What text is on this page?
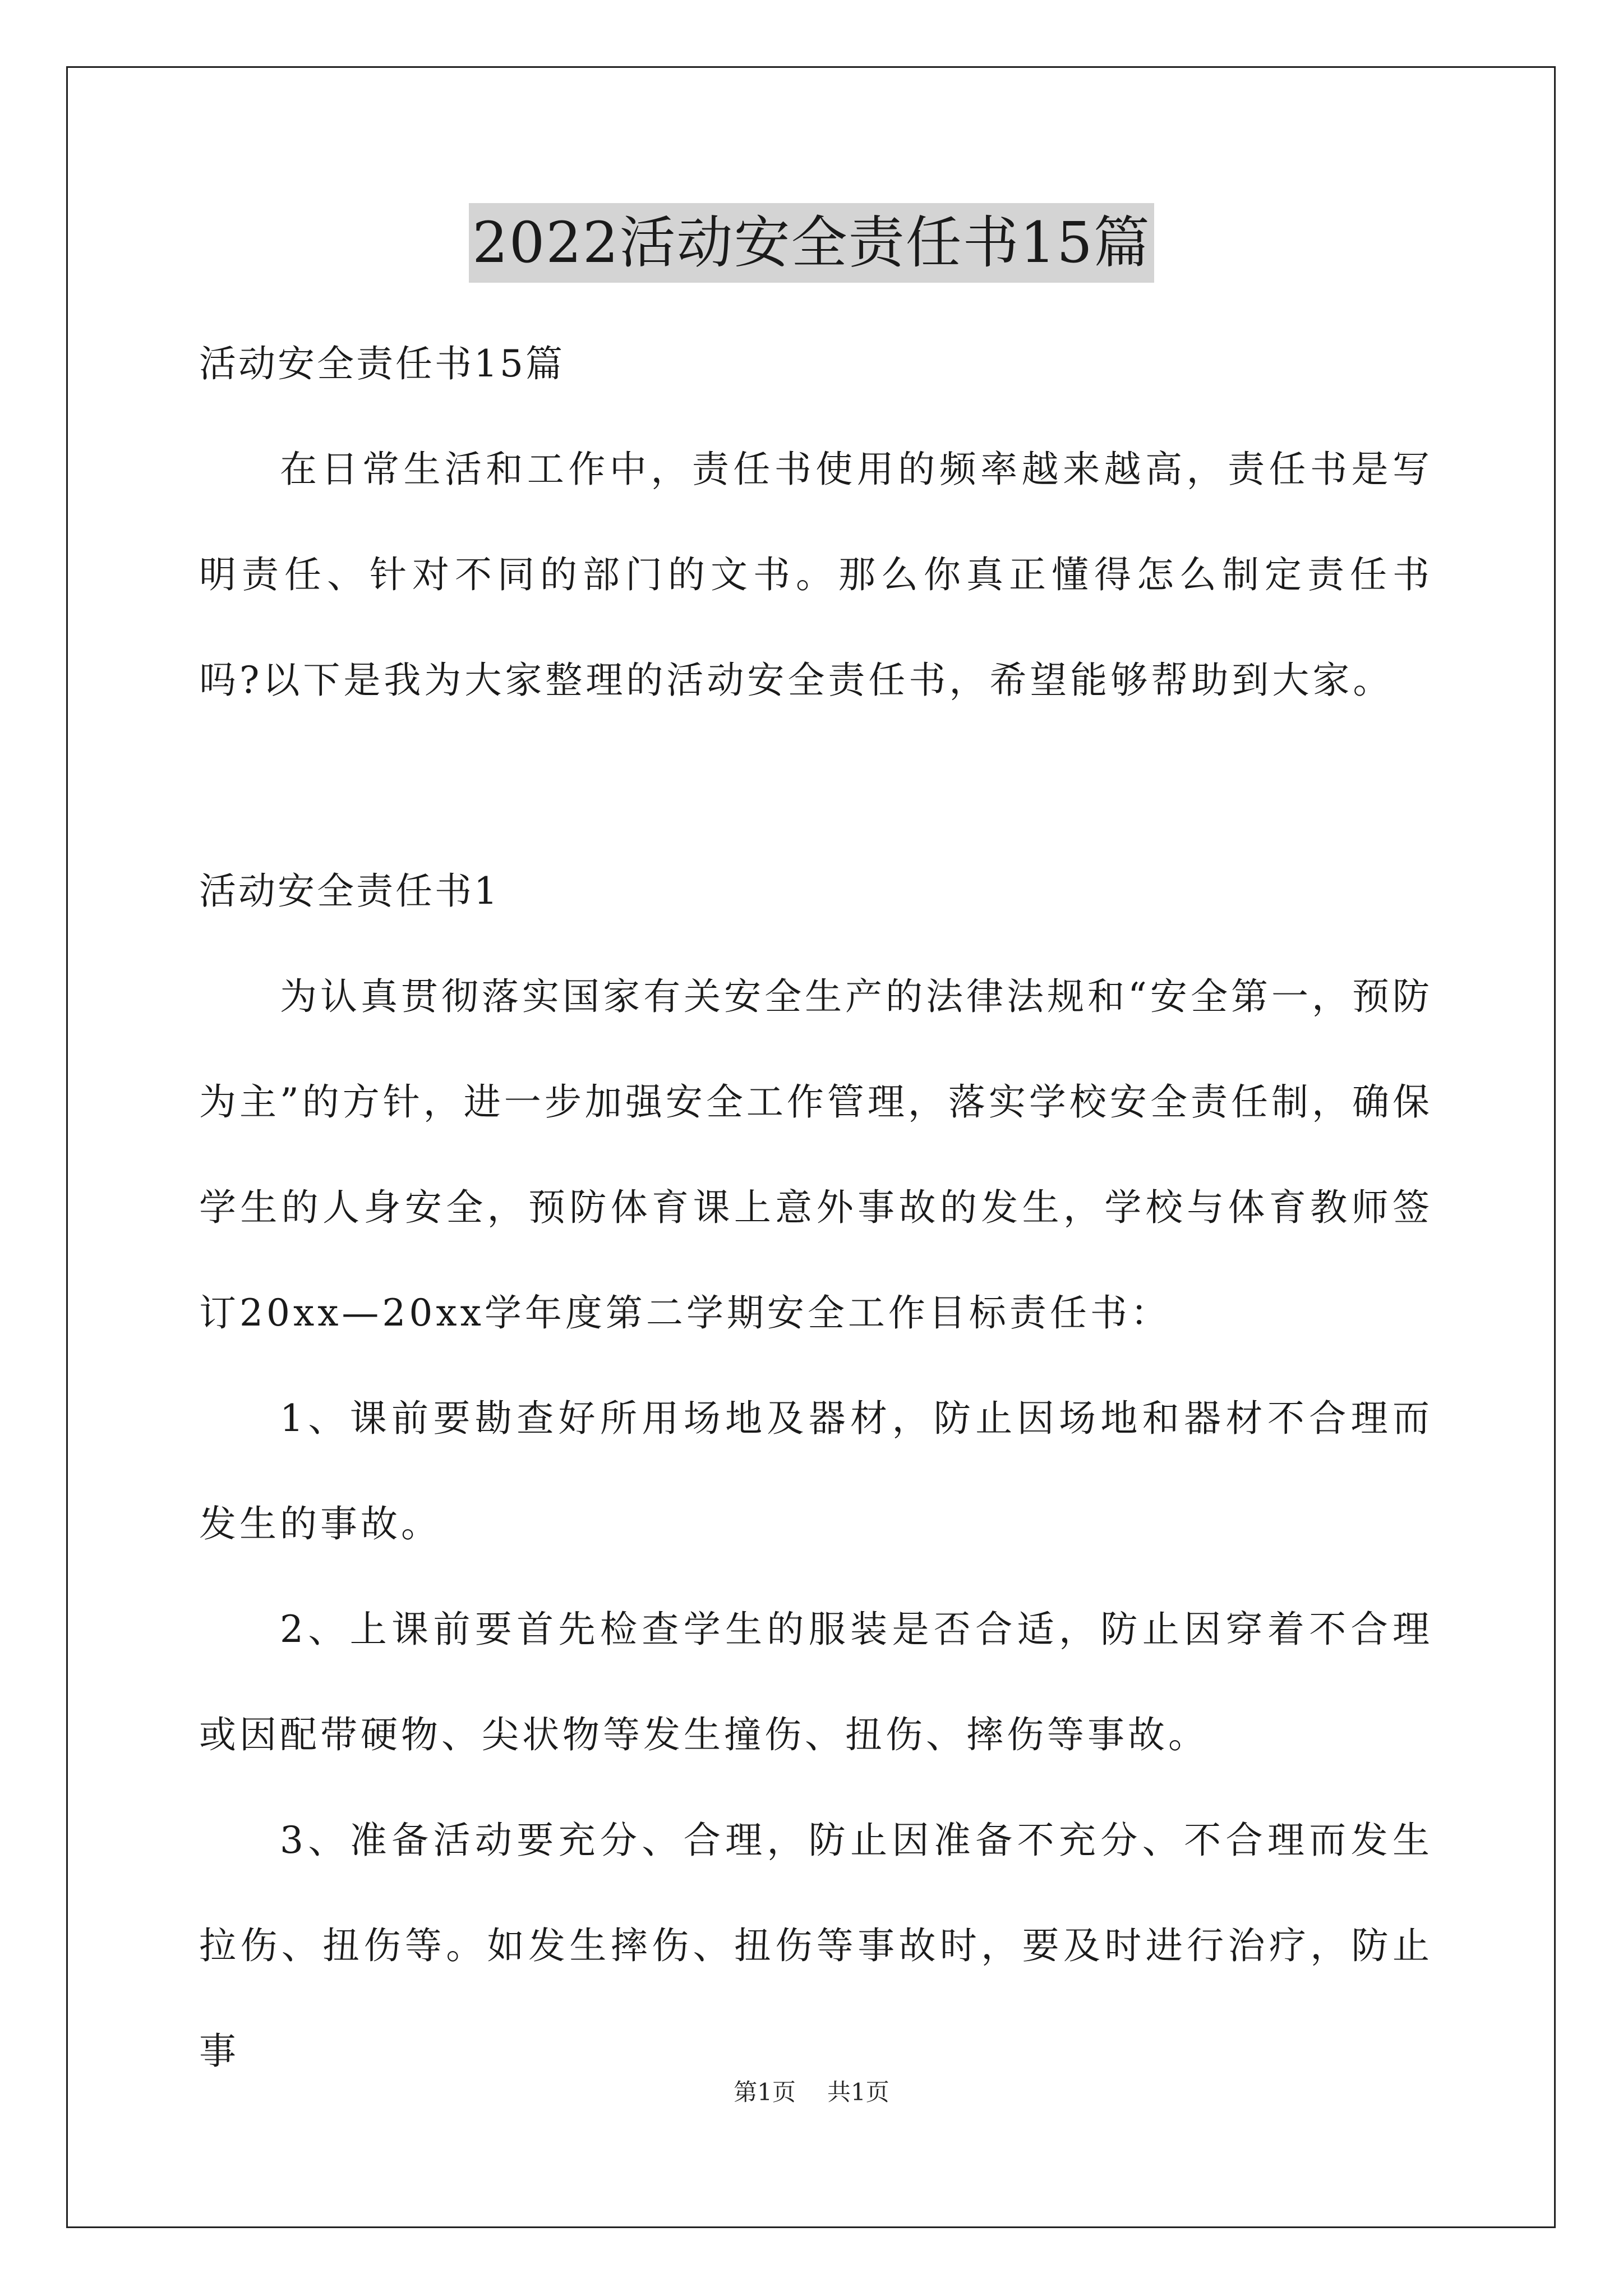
2022活动安全责任书15篇

活动安全责任书15篇

在日常生活和工作中，责任书使用的频率越来越高，责任书是写明责任、针对不同的部门的文书。那么你真正懂得怎么制定责任书吗?以下是我为大家整理的活动安全责任书，希望能够帮助到大家。

活动安全责任书1

为认真贯彻落实国家有关安全生产的法律法规和“安全第一，预防为主”的方针，进一步加强安全工作管理，落实学校安全责任制，确保学生的人身安全，预防体育课上意外事故的发生，学校与体育教师签订20xx—20xx学年度第二学期安全工作目标责任书：

1、课前要勘查好所用场地及器材，防止因场地和器材不合理而发生的事故。

2、上课前要首先检查学生的服装是否合适，防止因穿着不合理或因配带硬物、尖状物等发生撞伤、扭伤、摔伤等事故。

3、准备活动要充分、合理，防止因准备不充分、不合理而发生拉伤、扭伤等。如发生摔伤、扭伤等事故时，要及时进行治疗，防止事

第1页 共1页
